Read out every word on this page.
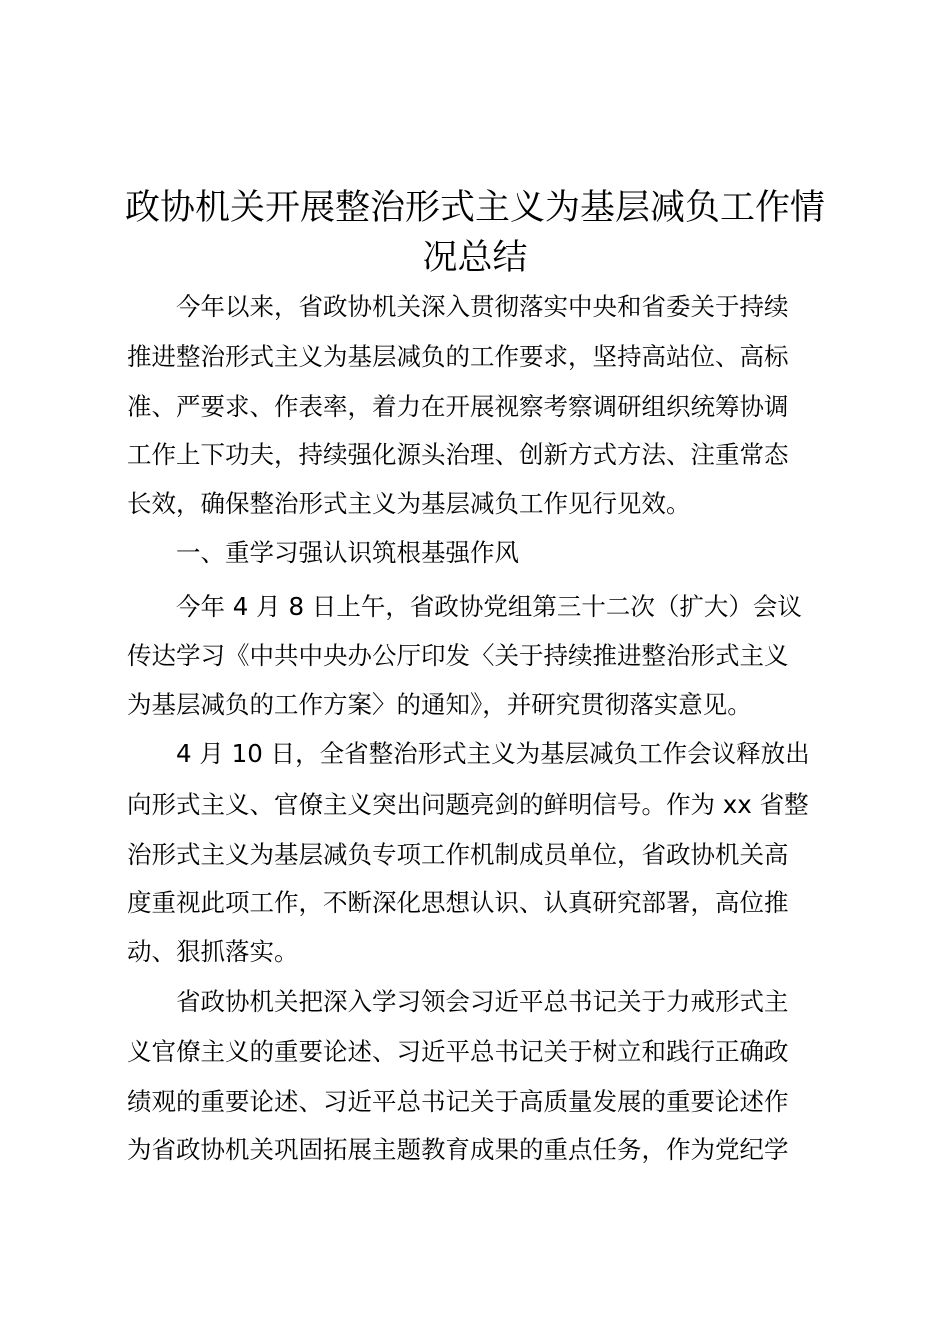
政协机关开展整治形式主义为基层减负工作情
况总结

今年以来，省政协机关深入贯彻落实中央和省委关于持续

推进整治形式主义为基层减负的工作要求，坚持高站位、高标

准、严要求、作表率，着力在开展视察考察调研组织统筹协调

工作上下功夫，持续强化源头治理、创新方式方法、注重常态

长效，确保整治形式主义为基层减负工作见行见效。

一、重学习强认识筑根基强作风

今年 4 月 8 日上午，省政协党组第三十二次（扩大）会议

传达学习《中共中央办公厅印发〈关于持续推进整治形式主义

为基层减负的工作方案〉的通知》，并研究贯彻落实意见。

4 月 10 日，全省整治形式主义为基层减负工作会议释放出

向形式主义、官僚主义突出问题亮剑的鲜明信号。作为 xx 省整

治形式主义为基层减负专项工作机制成员单位，省政协机关高

度重视此项工作，不断深化思想认识、认真研究部署，高位推

动、狠抓落实。

省政协机关把深入学习领会习近平总书记关于力戒形式主

义官僚主义的重要论述、习近平总书记关于树立和践行正确政

绩观的重要论述、习近平总书记关于高质量发展的重要论述作

为省政协机关巩固拓展主题教育成果的重点任务，作为党纪学
